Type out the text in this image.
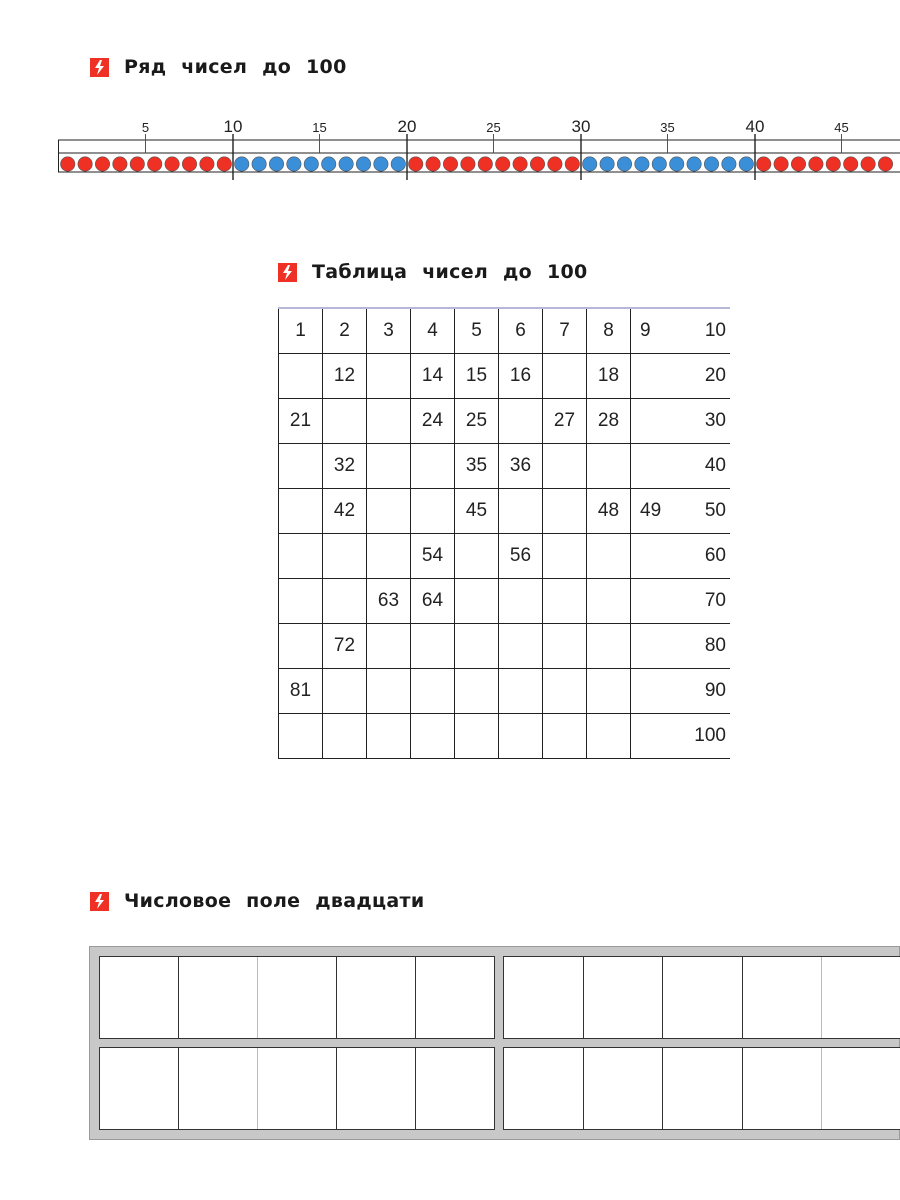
Ряд чисел до 100
10	20	30	40
5	15	25	35	45
Таблица чисел до 100
1	2	3	4	5	6	7	8	9	10
	12		14	15	16		18		20
21			24	25		27	28		30
	32			35	36				40
	42			45			48	49	50
			54		56				60
		63	64						70
	72								80
81									90
									100
Числовое поле двадцати
